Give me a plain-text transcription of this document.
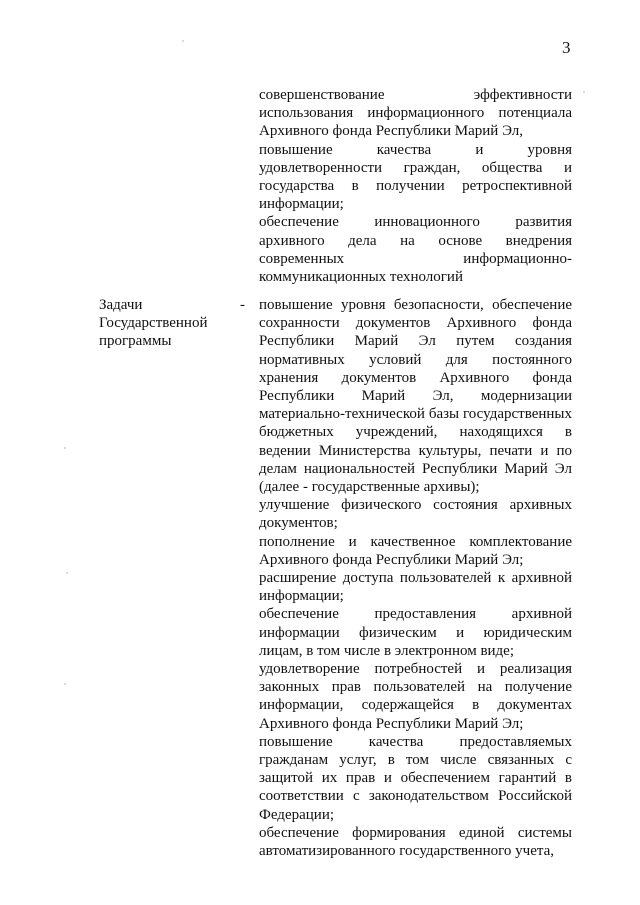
3

совершенствование эффективности использования информационного потенциала Архивного фонда Республики Марий Эл,

повышение качества и уровня удовлетворенности граждан, общества и государства в получении ретроспективной информации;

обеспечение инновационного развития архивного дела на основе внедрения современных информационно-коммуникационных технологий

Задачи Государственной программы
- повышение уровня безопасности, обеспечение сохранности документов Архивного фонда Республики Марий Эл путем создания нормативных условий для постоянного хранения документов Архивного фонда Республики Марий Эл, модернизации материально-технической базы государственных бюджетных учреждений, находящихся в ведении Министерства культуры, печати и по делам национальностей Республики Марий Эл (далее - государственные архивы);

улучшение физического состояния архивных документов;

пополнение и качественное комплектование Архивного фонда Республики Марий Эл;

расширение доступа пользователей к архивной информации;

обеспечение предоставления архивной информации физическим и юридическим лицам, в том числе в электронном виде;

удовлетворение потребностей и реализация законных прав пользователей на получение информации, содержащейся в документах Архивного фонда Республики Марий Эл;

повышение качества предоставляемых гражданам услуг, в том числе связанных с защитой их прав и обеспечением гарантий в соответствии с законодательством Российской Федерации;

обеспечение формирования единой системы автоматизированного государственного учета,
